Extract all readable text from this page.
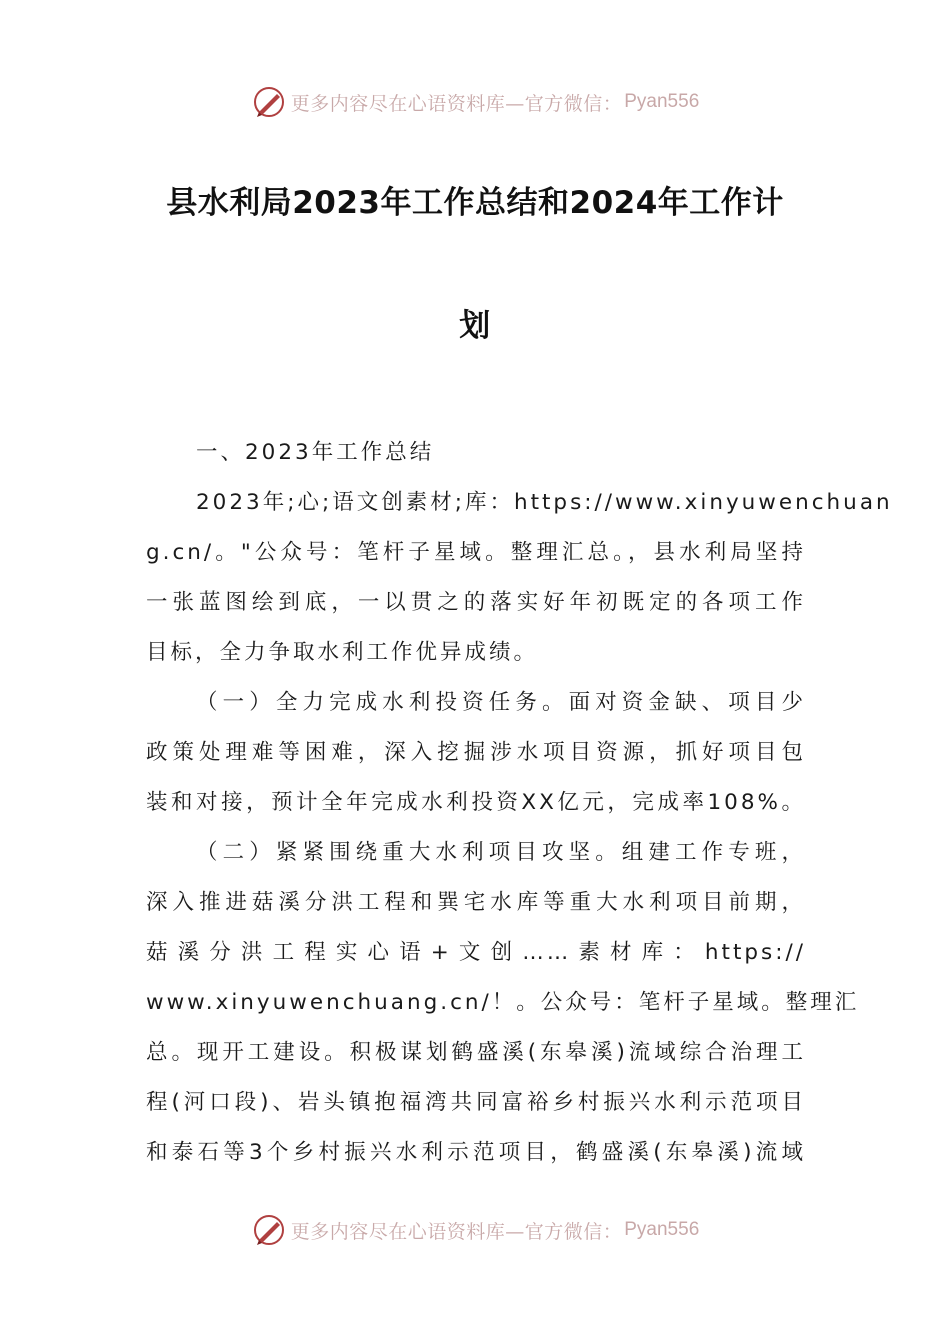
更多内容尽在心语资料库—官方微信： Pyan556
县水利局2023年工作总结和2024年工作计
划
一、2023年工作总结
2023年;心;语文创素材;库：https://www.xinyuwenchuan
g.cn/。"公众号：笔杆子星域。整理汇总。，县水利局坚持
一张蓝图绘到底，一以贯之的落实好年初既定的各项工作
目标，全力争取水利工作优异成绩。
（一）全力完成水利投资任务。面对资金缺、项目少
政策处理难等困难，深入挖掘涉水项目资源，抓好项目包
装和对接，预计全年完成水利投资XX亿元，完成率108%。
（二）紧紧围绕重大水利项目攻坚。组建工作专班，
深入推进菇溪分洪工程和巽宅水库等重大水利项目前期，
菇溪分洪工程实心语+文创……素材库：https://
www.xinyuwenchuang.cn/！。公众号：笔杆子星域。整理汇
总。现开工建设。积极谋划鹤盛溪(东皋溪)流域综合治理工
程(河口段)、岩头镇抱福湾共同富裕乡村振兴水利示范项目
和泰石等3个乡村振兴水利示范项目，鹤盛溪(东皋溪)流域
更多内容尽在心语资料库—官方微信： Pyan556
